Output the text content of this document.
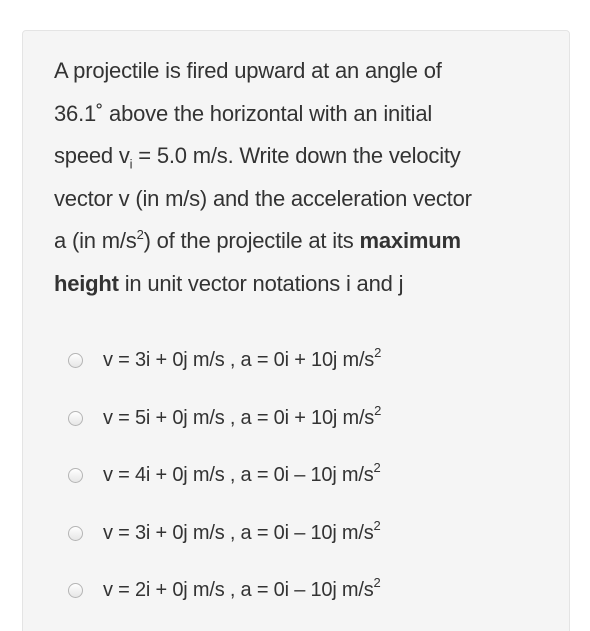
A projectile is fired upward at an angle of
36.1˚ above the horizontal with an initial
speed $v_i = 5.0$ m/s. Write down the velocity
vector v (in m/s) and the acceleration vector
a (in $m/s^2$) of the projectile at its maximum
height in unit vector notations i and j
v = 3i + 0j m/s , a = 0i + 10j $m/s^2$
v = 5i + 0j m/s , a = 0i + 10j $m/s^2$
v = 4i + 0j m/s , a = 0i – 10j $m/s^2$
v = 3i + 0j m/s , a = 0i – 10j $m/s^2$
v = 2i + 0j m/s , a = 0i – 10j $m/s^2$
